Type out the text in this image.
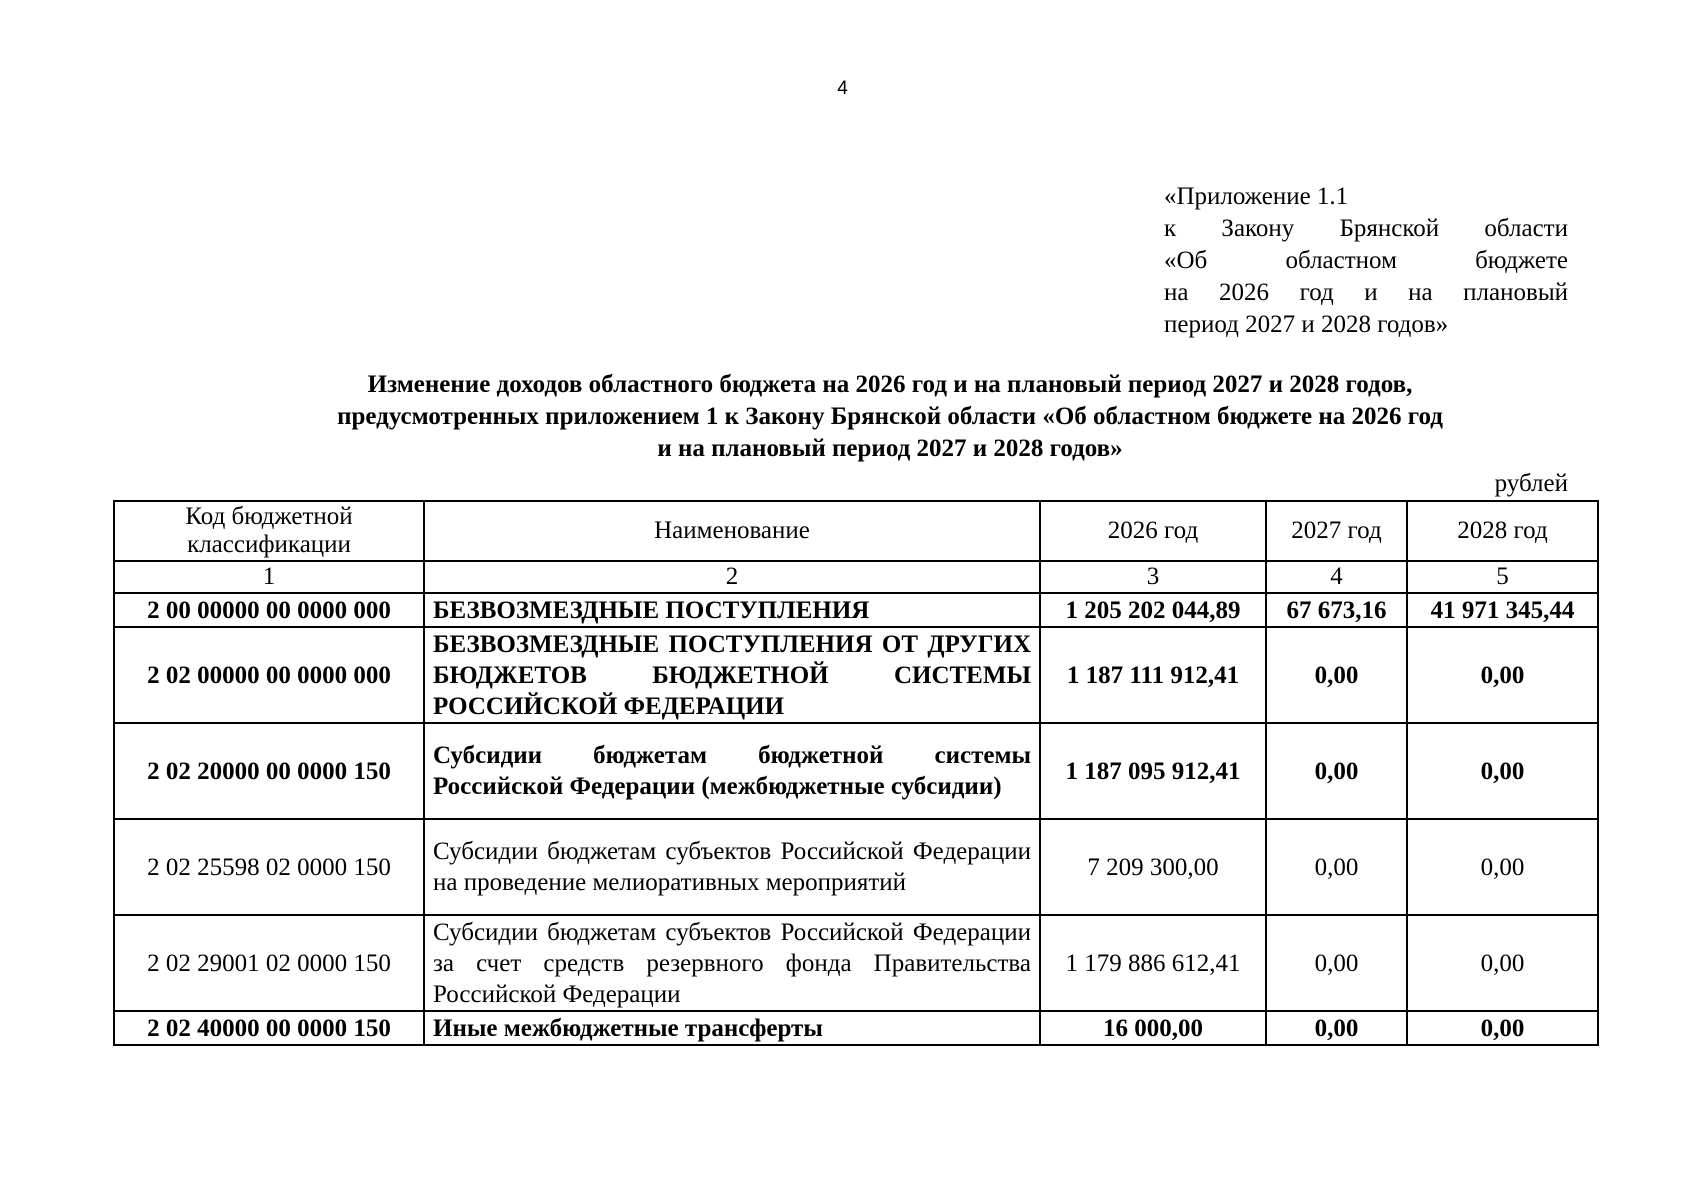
4
«Приложение 1.1
к Закону Брянской области
«Об областном бюджете
на 2026 год и на плановый
период 2027 и 2028 годов»
Изменение доходов областного бюджета на 2026 год и на плановый период 2027 и 2028 годов,
предусмотренных приложением 1 к Закону Брянской области «Об областном бюджете на 2026 год
и на плановый период 2027 и 2028 годов»
рублей
Код бюджетной классификации	Наименование	2026 год	2027 год	2028 год
1	2	3	4	5
2 00 00000 00 0000 000	БЕЗВОЗМЕЗДНЫЕ ПОСТУПЛЕНИЯ	1 205 202 044,89	67 673,16	41 971 345,44
2 02 00000 00 0000 000	БЕЗВОЗМЕЗДНЫЕ ПОСТУПЛЕНИЯ ОТ ДРУГИХ БЮДЖЕТОВ БЮДЖЕТНОЙ СИСТЕМЫ РОССИЙСКОЙ ФЕДЕРАЦИИ	1 187 111 912,41	0,00	0,00
2 02 20000 00 0000 150	Субсидии бюджетам бюджетной системы Российской Федерации (межбюджетные субсидии)	1 187 095 912,41	0,00	0,00
2 02 25598 02 0000 150	Субсидии бюджетам субъектов Российской Федерации на проведение мелиоративных мероприятий	7 209 300,00	0,00	0,00
2 02 29001 02 0000 150	Субсидии бюджетам субъектов Российской Федерации за счет средств резервного фонда Правительства Российской Федерации	1 179 886 612,41	0,00	0,00
2 02 40000 00 0000 150	Иные межбюджетные трансферты	16 000,00	0,00	0,00
